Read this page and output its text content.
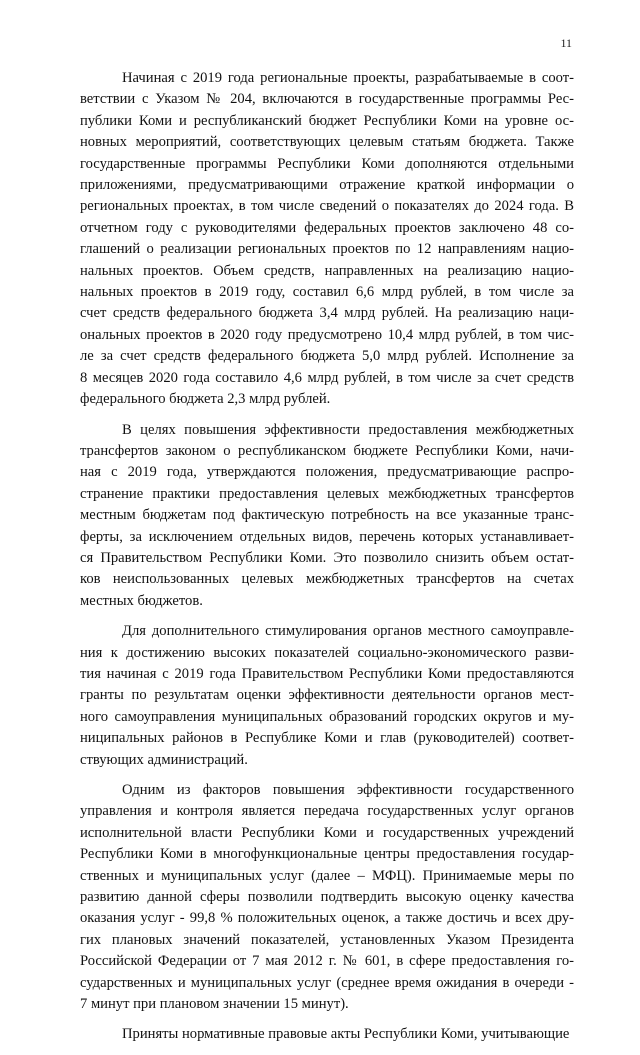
11
Начиная с 2019 года региональные проекты, разрабатываемые в соот-
ветствии с Указом № 204, включаются в государственные программы Рес-
публики Коми и республиканский бюджет Республики Коми на уровне ос-
новных мероприятий, соответствующих целевым статьям бюджета. Также
государственные программы Республики Коми дополняются отдельными
приложениями, предусматривающими отражение краткой информации о
региональных проектах, в том числе сведений о показателях до 2024 года. В
отчетном году с руководителями федеральных проектов заключено 48 со-
глашений о реализации региональных проектов по 12 направлениям нацио-
нальных проектов. Объем средств, направленных на реализацию нацио-
нальных проектов в 2019 году, составил 6,6 млрд рублей, в том числе за
счет средств федерального бюджета 3,4 млрд рублей. На реализацию наци-
ональных проектов в 2020 году предусмотрено 10,4 млрд рублей, в том чис-
ле за счет средств федерального бюджета 5,0 млрд рублей. Исполнение за
8 месяцев 2020 года составило 4,6 млрд рублей, в том числе за счет средств
федерального бюджета 2,3 млрд рублей.
В целях повышения эффективности предоставления межбюджетных
трансфертов законом о республиканском бюджете Республики Коми, начи-
ная с 2019 года, утверждаются положения, предусматривающие распро-
странение практики предоставления целевых межбюджетных трансфертов
местным бюджетам под фактическую потребность на все указанные транс-
ферты, за исключением отдельных видов, перечень которых устанавливает-
ся Правительством Республики Коми. Это позволило снизить объем остат-
ков неиспользованных целевых межбюджетных трансфертов на счетах
местных бюджетов.
Для дополнительного стимулирования органов местного самоуправле-
ния к достижению высоких показателей социально-экономического разви-
тия начиная с 2019 года Правительством Республики Коми предоставляются
гранты по результатам оценки эффективности деятельности органов мест-
ного самоуправления муниципальных образований городских округов и му-
ниципальных районов в Республике Коми и глав (руководителей) соответ-
ствующих администраций.
Одним из факторов повышения эффективности государственного
управления и контроля является передача государственных услуг органов
исполнительной власти Республики Коми и государственных учреждений
Республики Коми в многофункциональные центры предоставления государ-
ственных и муниципальных услуг (далее – МФЦ). Принимаемые меры по
развитию данной сферы позволили подтвердить высокую оценку качества
оказания услуг - 99,8 % положительных оценок, а также достичь и всех дру-
гих плановых значений показателей, установленных Указом Президента
Российской Федерации от 7 мая 2012 г. № 601, в сфере предоставления го-
сударственных и муниципальных услуг (среднее время ожидания в очереди -
7 минут при плановом значении 15 минут).
Приняты нормативные правовые акты Республики Коми, учитывающие
